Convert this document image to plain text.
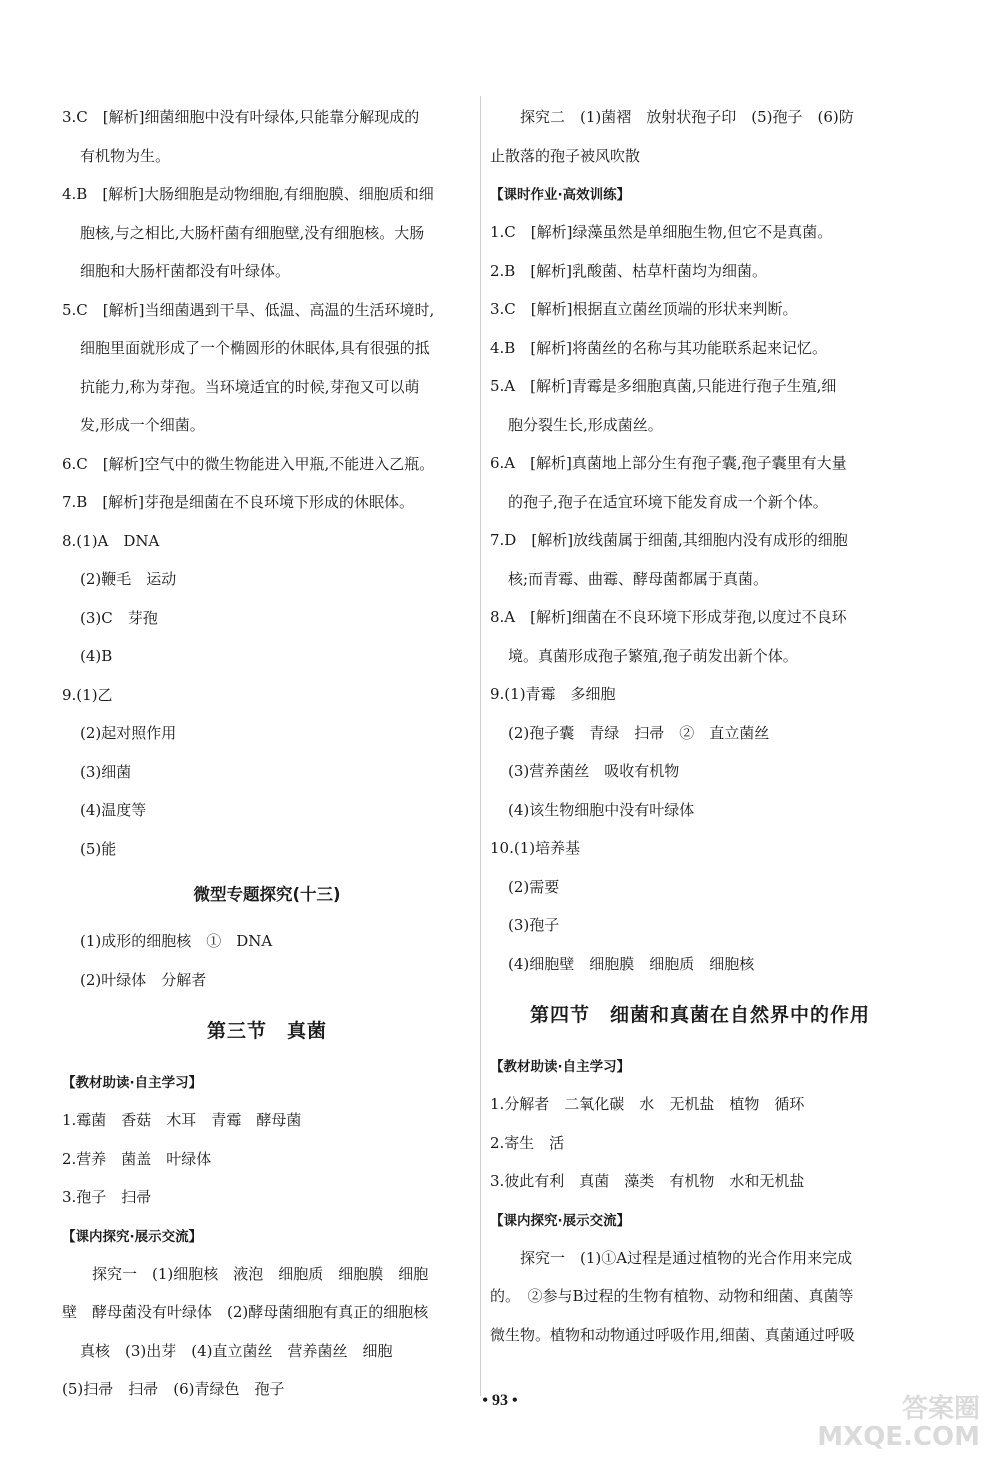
3.C　[解析]细菌细胞中没有叶绿体,只能靠分解现成的

有机物为生。

4.B　[解析]大肠细胞是动物细胞,有细胞膜、细胞质和细

胞核,与之相比,大肠杆菌有细胞壁,没有细胞核。大肠

细胞和大肠杆菌都没有叶绿体。

5.C　[解析]当细菌遇到干旱、低温、高温的生活环境时,

细胞里面就形成了一个椭圆形的休眠体,具有很强的抵

抗能力,称为芽孢。当环境适宜的时候,芽孢又可以萌

发,形成一个细菌。

6.C　[解析]空气中的微生物能进入甲瓶,不能进入乙瓶。

7.B　[解析]芽孢是细菌在不良环境下形成的休眠体。

8.(1)A　DNA

(2)鞭毛　运动

(3)C　芽孢

(4)B

9.(1)乙

(2)起对照作用

(3)细菌

(4)温度等

(5)能

微型专题探究(十三)

(1)成形的细胞核　①　DNA

(2)叶绿体　分解者

第三节　真菌

【教材助读·自主学习】

1.霉菌　香菇　木耳　青霉　酵母菌

2.营养　菌盖　叶绿体

3.孢子　扫帚

【课内探究·展示交流】

探究一　(1)细胞核　液泡　细胞质　细胞膜　细胞

壁　酵母菌没有叶绿体　(2)酵母菌细胞有真正的细胞核

真核　(3)出芽　(4)直立菌丝　营养菌丝　细胞

(5)扫帚　扫帚　(6)青绿色　孢子

探究二　(1)菌褶　放射状孢子印　(5)孢子　(6)防

止散落的孢子被风吹散

【课时作业·高效训练】

1.C　[解析]绿藻虽然是单细胞生物,但它不是真菌。

2.B　[解析]乳酸菌、枯草杆菌均为细菌。

3.C　[解析]根据直立菌丝顶端的形状来判断。

4.B　[解析]将菌丝的名称与其功能联系起来记忆。

5.A　[解析]青霉是多细胞真菌,只能进行孢子生殖,细

胞分裂生长,形成菌丝。

6.A　[解析]真菌地上部分生有孢子囊,孢子囊里有大量

的孢子,孢子在适宜环境下能发育成一个新个体。

7.D　[解析]放线菌属于细菌,其细胞内没有成形的细胞

核;而青霉、曲霉、酵母菌都属于真菌。

8.A　[解析]细菌在不良环境下形成芽孢,以度过不良环

境。真菌形成孢子繁殖,孢子萌发出新个体。

9.(1)青霉　多细胞

(2)孢子囊　青绿　扫帚　②　直立菌丝

(3)营养菌丝　吸收有机物

(4)该生物细胞中没有叶绿体

10.(1)培养基

(2)需要

(3)孢子

(4)细胞壁　细胞膜　细胞质　细胞核

第四节　细菌和真菌在自然界中的作用

【教材助读·自主学习】

1.分解者　二氧化碳　水　无机盐　植物　循环

2.寄生　活

3.彼此有利　真菌　藻类　有机物　水和无机盐

【课内探究·展示交流】

探究一　(1)①A过程是通过植物的光合作用来完成

的。　②参与B过程的生物有植物、动物和细菌、真菌等

微生物。植物和动物通过呼吸作用,细菌、真菌通过呼吸

• 93 •	答案圈 MXQE.COM
